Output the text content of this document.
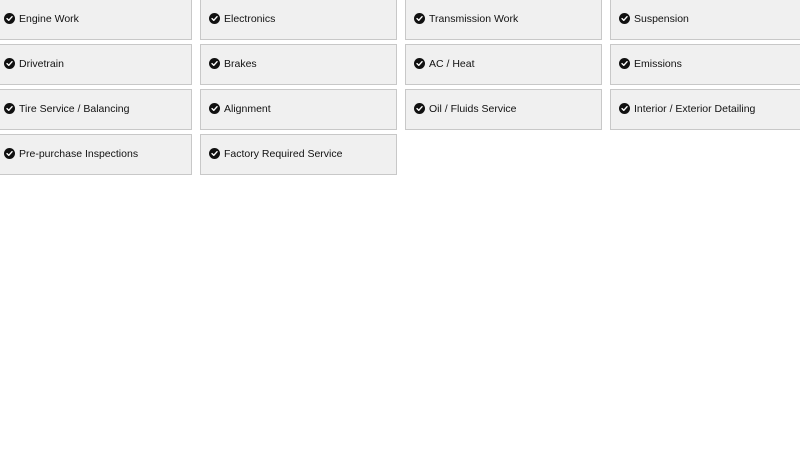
Engine Work	Electronics	Transmission Work	Suspension
Drivetrain	Brakes	AC / Heat	Emissions
Tire Service / Balancing	Alignment	Oil / Fluids Service	Interior / Exterior Detailing
Pre-purchase Inspections	Factory Required Service
